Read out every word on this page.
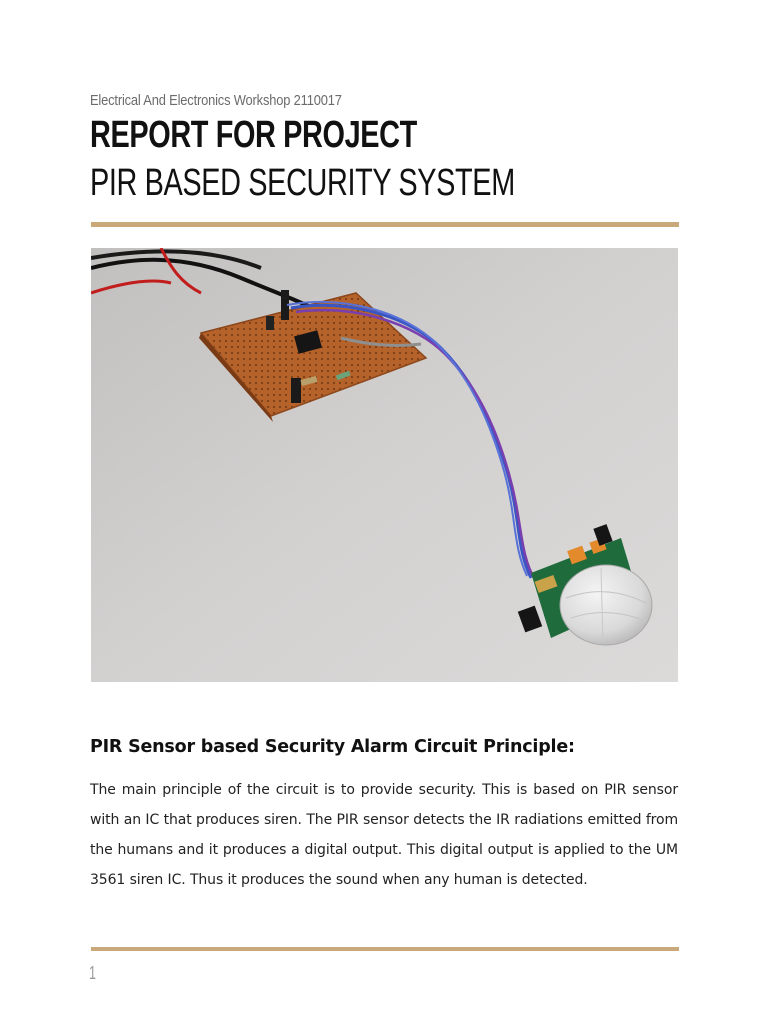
Electrical And Electronics Workshop 2110017
REPORT FOR PROJECT
PIR BASED SECURITY SYSTEM
PIR Sensor based Security Alarm Circuit Principle:

The main principle of the circuit is to provide security. This is based on PIR sensor with an IC that produces siren. The PIR sensor detects the IR radiations emitted from the humans and it produces a digital output. This digital output is applied to the UM 3561 siren IC. Thus it produces the sound when any human is detected.

1
